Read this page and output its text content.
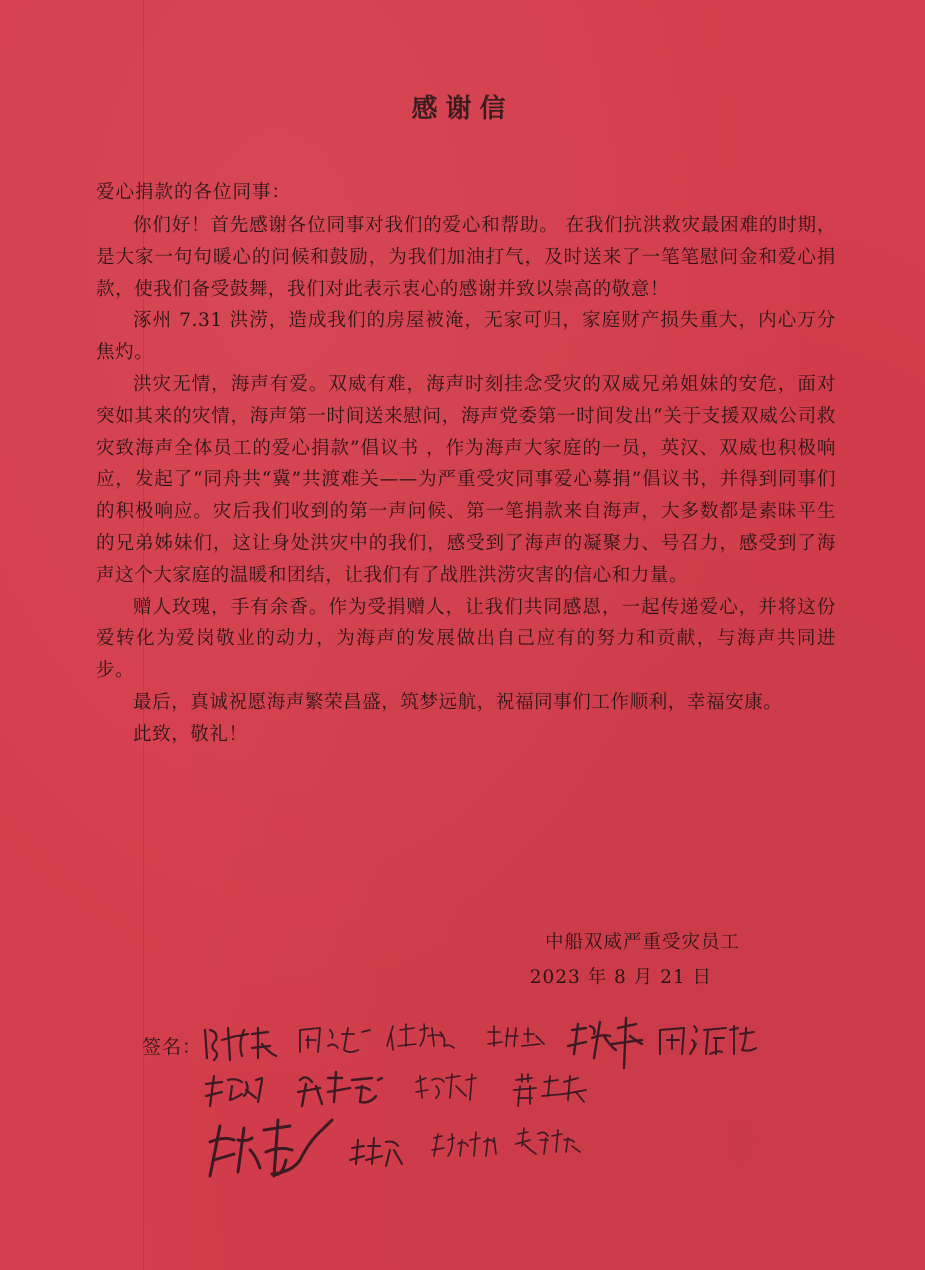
感谢信
爱心捐款的各位同事：

你们好！首先感谢各位同事对我们的爱心和帮助。 在我们抗洪救灾最困难的时期，是大家一句句暖心的问候和鼓励，为我们加油打气，及时送来了一笔笔慰问金和爱心捐款，使我们备受鼓舞，我们对此表示衷心的感谢并致以崇高的敬意！

涿州 7.31 洪涝，造成我们的房屋被淹，无家可归，家庭财产损失重大，内心万分焦灼。

洪灾无情，海声有爱。双威有难，海声时刻挂念受灾的双威兄弟姐妹的安危，面对突如其来的灾情，海声第一时间送来慰问，海声党委第一时间发出“关于支援双威公司救灾致海声全体员工的爱心捐款”倡议书 ，作为海声大家庭的一员，英汉、双威也积极响应，发起了“同舟共“冀”共渡难关——为严重受灾同事爱心募捐”倡议书，并得到同事们的积极响应。灾后我们收到的第一声问候、第一笔捐款来自海声，大多数都是素昧平生的兄弟姊妹们，这让身处洪灾中的我们，感受到了海声的凝聚力、号召力，感受到了海声这个大家庭的温暖和团结，让我们有了战胜洪涝灾害的信心和力量。

赠人玫瑰，手有余香。作为受捐赠人，让我们共同感恩，一起传递爱心，并将这份爱转化为爱岗敬业的动力，为海声的发展做出自己应有的努力和贡献，与海声共同进步。

最后，真诚祝愿海声繁荣昌盛，筑梦远航，祝福同事们工作顺利，幸福安康。

此致，敬礼！

中船双威严重受灾员工
2023 年 8 月 21 日
签名：
